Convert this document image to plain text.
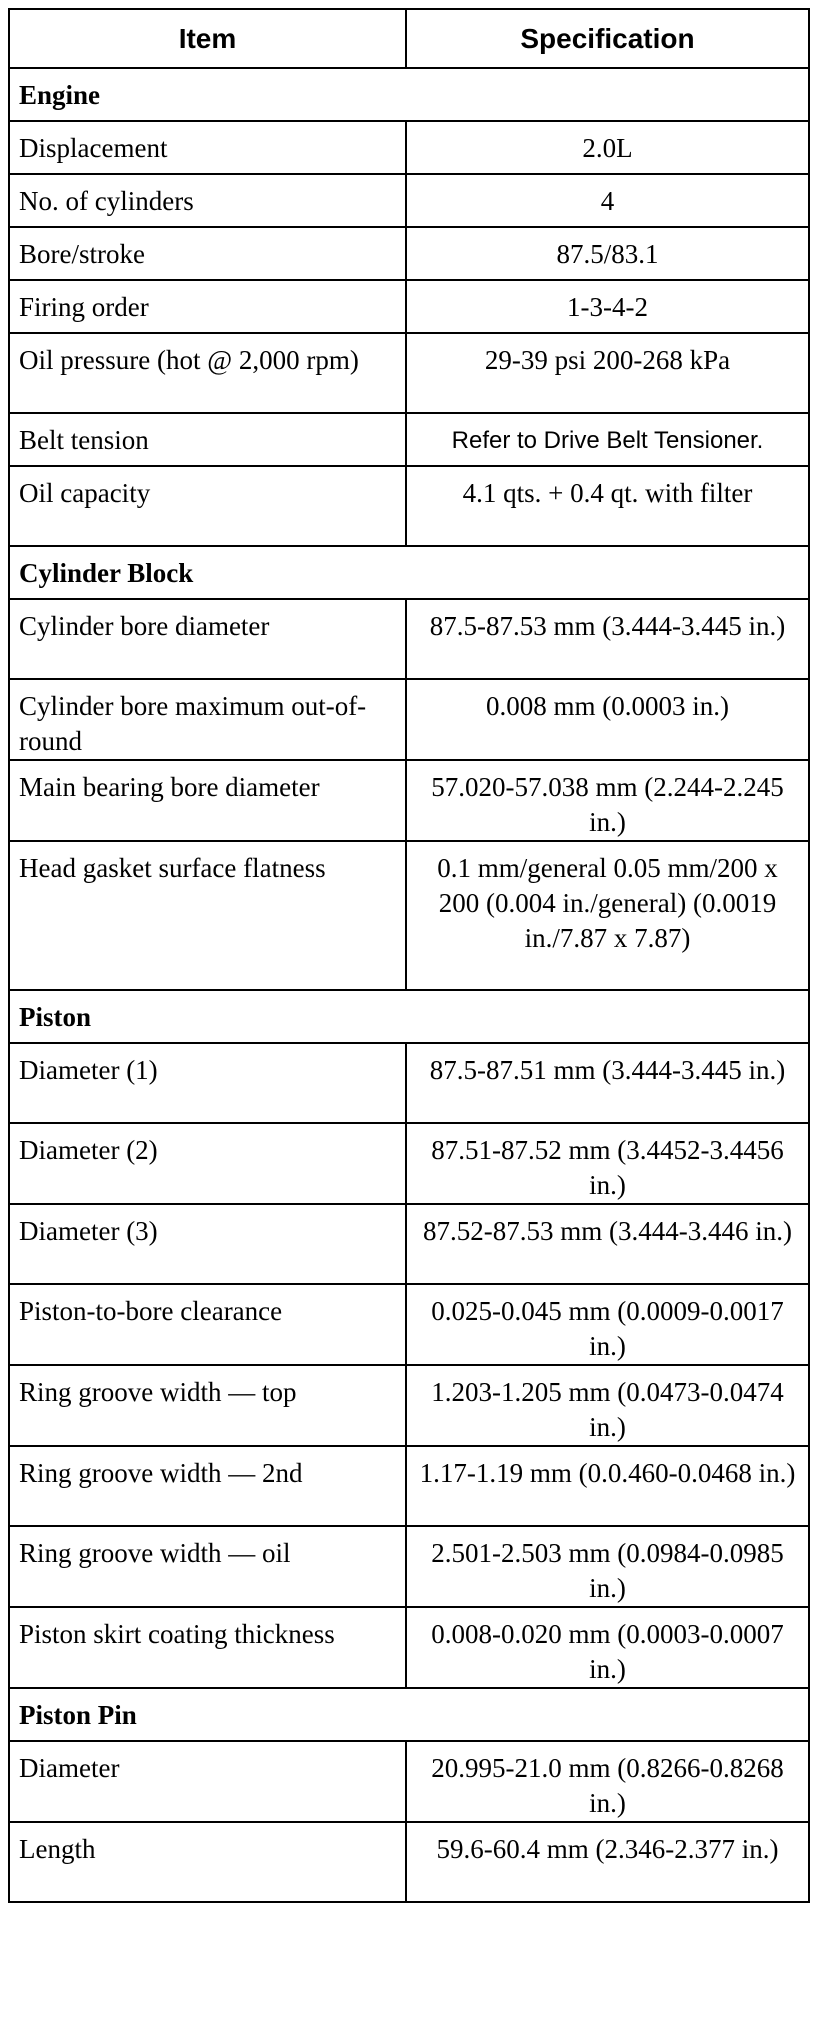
Item	Specification
Engine	
Displacement	2.0L
No. of cylinders	4
Bore/stroke	87.5/83.1
Firing order	1-3-4-2
Oil pressure (hot @ 2,000 rpm)	29-39 psi 200-268 kPa
Belt tension	Refer to Drive Belt Tensioner.
Oil capacity	4.1 qts. + 0.4 qt. with filter
Cylinder Block	
Cylinder bore diameter	87.5-87.53 mm (3.444-3.445 in.)
Cylinder bore maximum out-of-round	0.008 mm (0.0003 in.)
Main bearing bore diameter	57.020-57.038 mm (2.244-2.245 in.)
Head gasket surface flatness	0.1 mm/general 0.05 mm/200 x 200 (0.004 in./general) (0.0019 in./7.87 x 7.87)
Piston	
Diameter (1)	87.5-87.51 mm (3.444-3.445 in.)
Diameter (2)	87.51-87.52 mm (3.4452-3.4456 in.)
Diameter (3)	87.52-87.53 mm (3.444-3.446 in.)
Piston-to-bore clearance	0.025-0.045 mm (0.0009-0.0017 in.)
Ring groove width — top	1.203-1.205 mm (0.0473-0.0474 in.)
Ring groove width — 2nd	1.17-1.19 mm (0.0.460-0.0468 in.)
Ring groove width — oil	2.501-2.503 mm (0.0984-0.0985 in.)
Piston skirt coating thickness	0.008-0.020 mm (0.0003-0.0007 in.)
Piston Pin	
Diameter	20.995-21.0 mm (0.8266-0.8268 in.)
Length	59.6-60.4 mm (2.346-2.377 in.)
